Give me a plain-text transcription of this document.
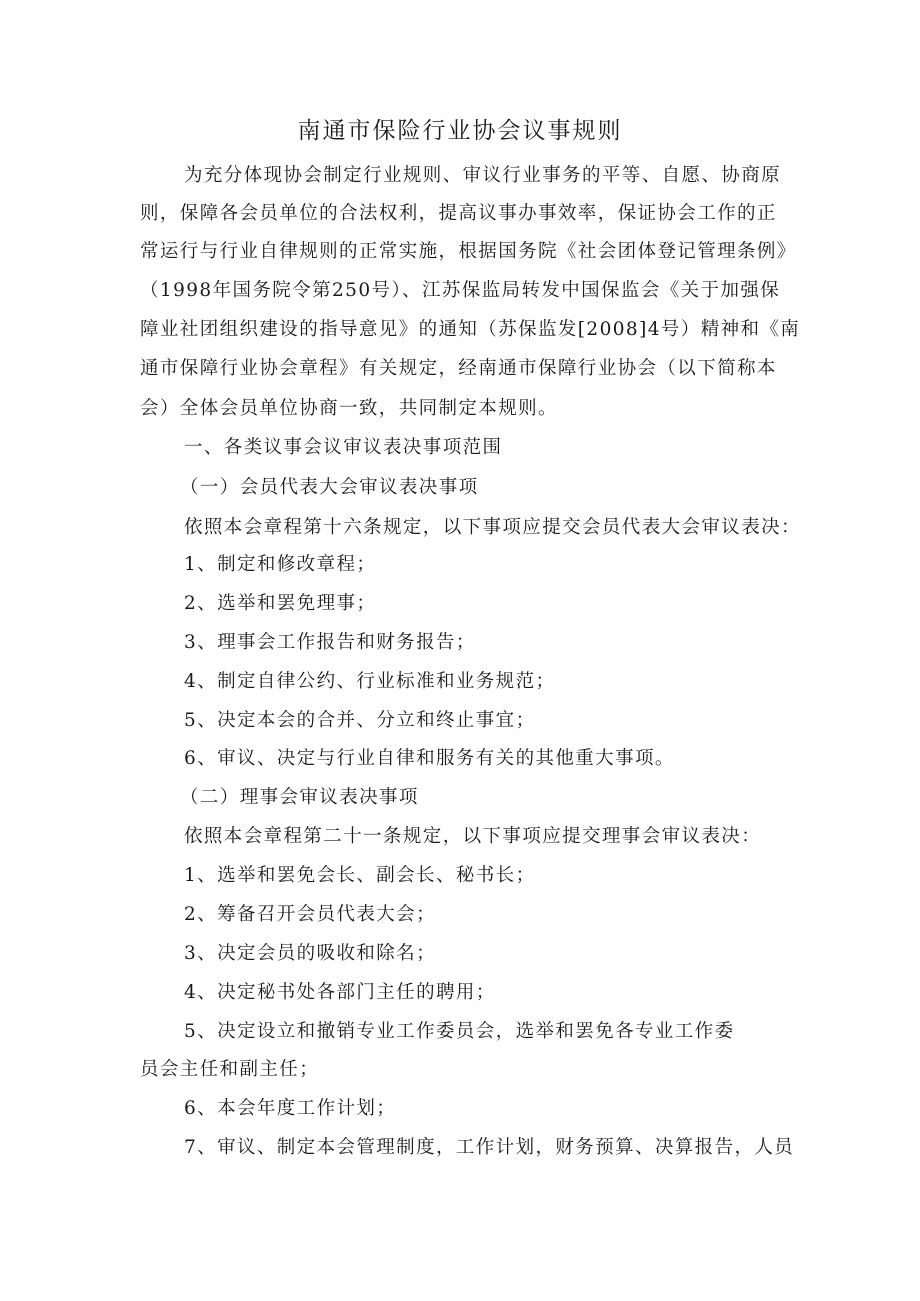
南通市保险行业协会议事规则
为充分体现协会制定行业规则、审议行业事务的平等、自愿、协商原
则，保障各会员单位的合法权利，提高议事办事效率，保证协会工作的正
常运行与行业自律规则的正常实施，根据国务院《社会团体登记管理条例》
（1998年国务院令第250号）、江苏保监局转发中国保监会《关于加强保
障业社团组织建设的指导意见》的通知（苏保监发[2008]4号）精神和《南
通市保障行业协会章程》有关规定，经南通市保障行业协会（以下简称本
会）全体会员单位协商一致，共同制定本规则。
一、各类议事会议审议表决事项范围
（一）会员代表大会审议表决事项
依照本会章程第十六条规定，以下事项应提交会员代表大会审议表决：
1、制定和修改章程；
2、选举和罢免理事；
3、理事会工作报告和财务报告；
4、制定自律公约、行业标准和业务规范；
5、决定本会的合并、分立和终止事宜；
6、审议、决定与行业自律和服务有关的其他重大事项。
（二）理事会审议表决事项
依照本会章程第二十一条规定，以下事项应提交理事会审议表决：
1、选举和罢免会长、副会长、秘书长；
2、筹备召开会员代表大会；
3、决定会员的吸收和除名；
4、决定秘书处各部门主任的聘用；
5、决定设立和撤销专业工作委员会，选举和罢免各专业工作委
员会主任和副主任；
6、本会年度工作计划；
7、审议、制定本会管理制度，工作计划，财务预算、决算报告，人员
